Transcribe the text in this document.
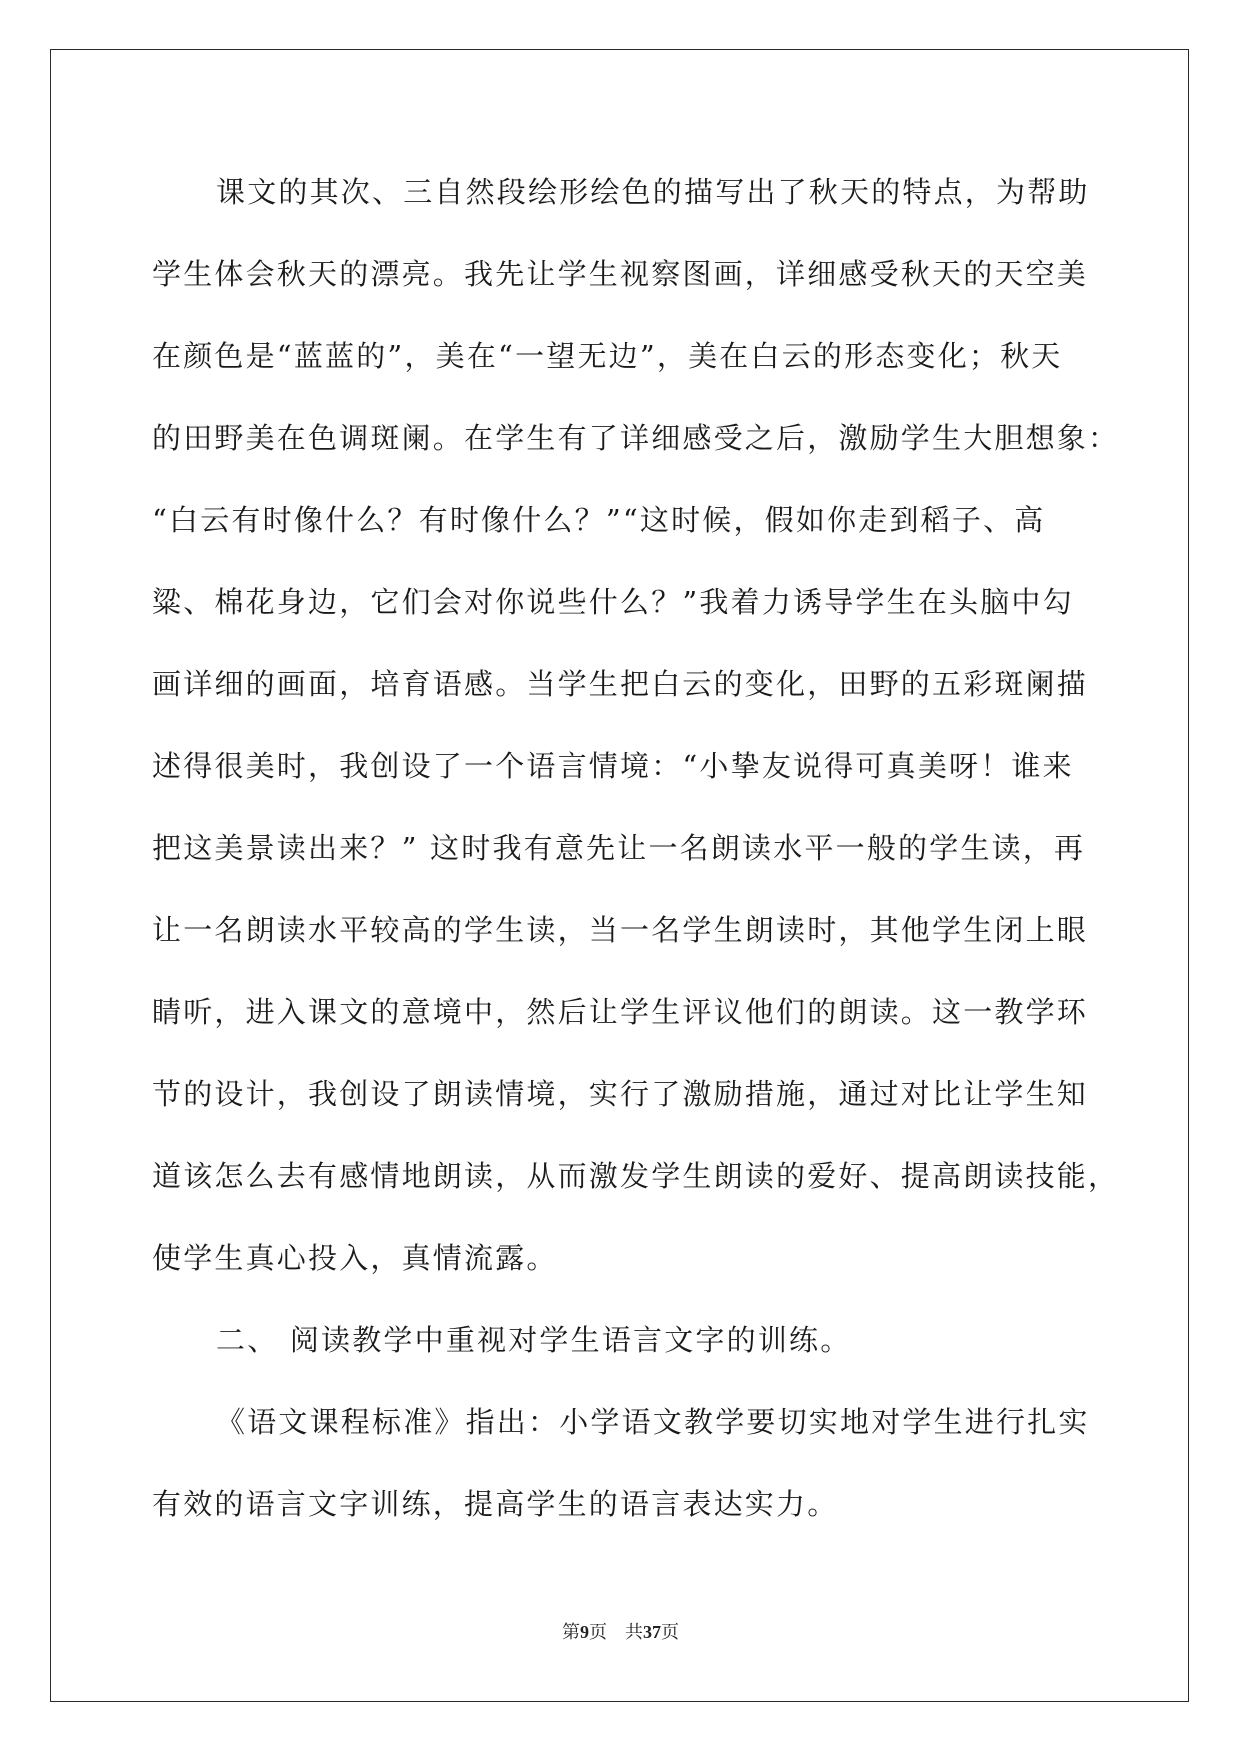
课文的其次、三自然段绘形绘色的描写出了秋天的特点，为帮助
学生体会秋天的漂亮。我先让学生视察图画，详细感受秋天的天空美
在颜色是“蓝蓝的”，美在“一望无边”，美在白云的形态变化；秋天
的田野美在色调斑阑。在学生有了详细感受之后，激励学生大胆想象：
“白云有时像什么？有时像什么？”“这时候，假如你走到稻子、高
粱、棉花身边，它们会对你说些什么？”我着力诱导学生在头脑中勾
画详细的画面，培育语感。当学生把白云的变化，田野的五彩斑阑描
述得很美时，我创设了一个语言情境：“小挚友说得可真美呀！谁来
把这美景读出来？” 这时我有意先让一名朗读水平一般的学生读，再
让一名朗读水平较高的学生读，当一名学生朗读时，其他学生闭上眼
睛听，进入课文的意境中，然后让学生评议他们的朗读。这一教学环
节的设计，我创设了朗读情境，实行了激励措施，通过对比让学生知
道该怎么去有感情地朗读，从而激发学生朗读的爱好、提高朗读技能，
使学生真心投入，真情流露。
二、 阅读教学中重视对学生语言文字的训练。
《语文课程标准》指出：小学语文教学要切实地对学生进行扎实
有效的语言文字训练，提高学生的语言表达实力。
第9页 共37页
